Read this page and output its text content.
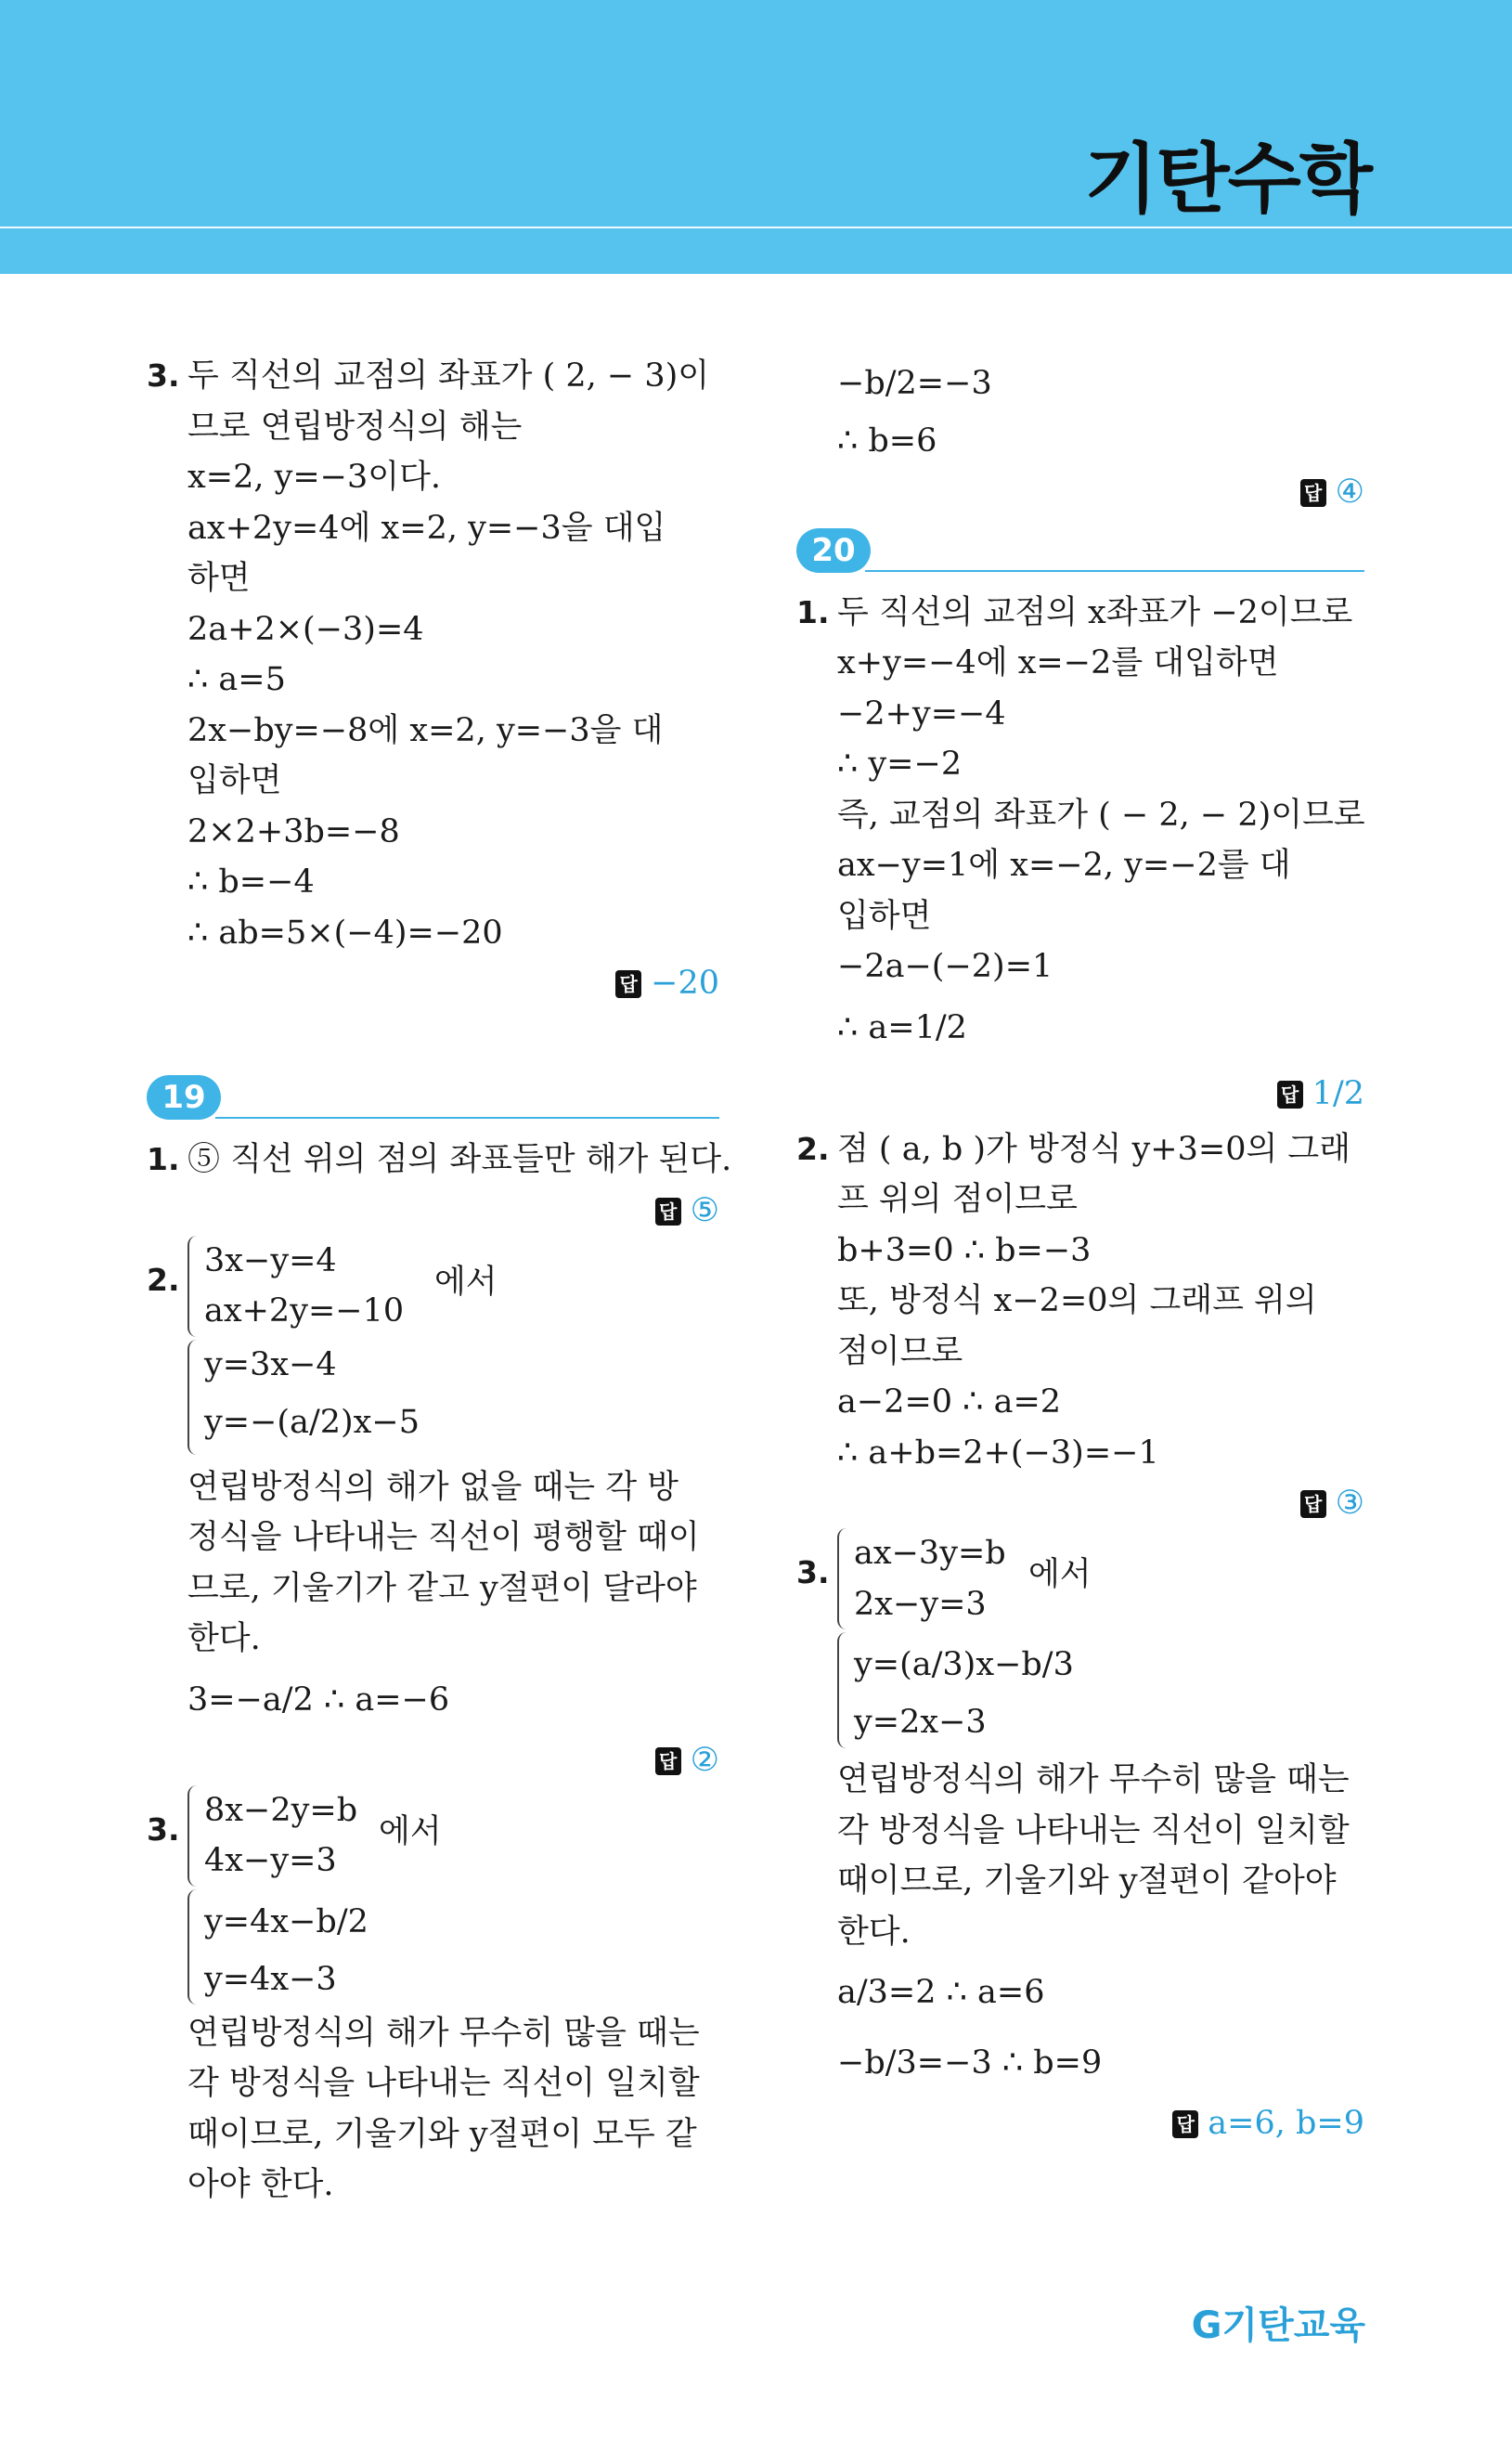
기탄수학
3. 두 직선의 교점의 좌표가 ( 2, − 3)이
므로 연립방정식의 해는
x=2, y=−3이다.
ax+2y=4에 x=2, y=−3을 대입
하면
2a+2×(−3)=4
∴ a=5
2x−by=−8에 x=2, y=−3을 대
입하면
2×2+3b=−8
∴ b=−4
∴ ab=5×(−4)=−20
답 −20
19
1. ⑤ 직선 위의 점의 좌표들만 해가 된다.
답 ⑤
2.
3x−y=4
ax+2y=−10
에서
y=3x−4
y=−(a/2)x−5
연립방정식의 해가 없을 때는 각 방
정식을 나타내는 직선이 평행할 때이
므로, 기울기가 같고 y절편이 달라야
한다.
3=−a/2 ∴ a=−6
답 ②
3.
8x−2y=b
4x−y=3
에서
y=4x−b/2
y=4x−3
연립방정식의 해가 무수히 많을 때는
각 방정식을 나타내는 직선이 일치할
때이므로, 기울기와 y절편이 모두 같
아야 한다.
−b/2=−3
∴ b=6
답 ④
20
1. 두 직선의 교점의 x좌표가 −2이므로
x+y=−4에 x=−2를 대입하면
−2+y=−4
∴ y=−2
즉, 교점의 좌표가 ( − 2, − 2)이므로
ax−y=1에 x=−2, y=−2를 대
입하면
−2a−(−2)=1
∴ a=1/2
답 1/2
2. 점 ( a, b )가 방정식 y+3=0의 그래
프 위의 점이므로
b+3=0 ∴ b=−3
또, 방정식 x−2=0의 그래프 위의
점이므로
a−2=0 ∴ a=2
∴ a+b=2+(−3)=−1
답 ③
3.
ax−3y=b
2x−y=3
에서
y=(a/3)x−b/3
y=2x−3
연립방정식의 해가 무수히 많을 때는
각 방정식을 나타내는 직선이 일치할
때이므로, 기울기와 y절편이 같아야
한다.
a/3=2 ∴ a=6
−b/3=−3 ∴ b=9
답 a=6, b=9
G기탄교육
